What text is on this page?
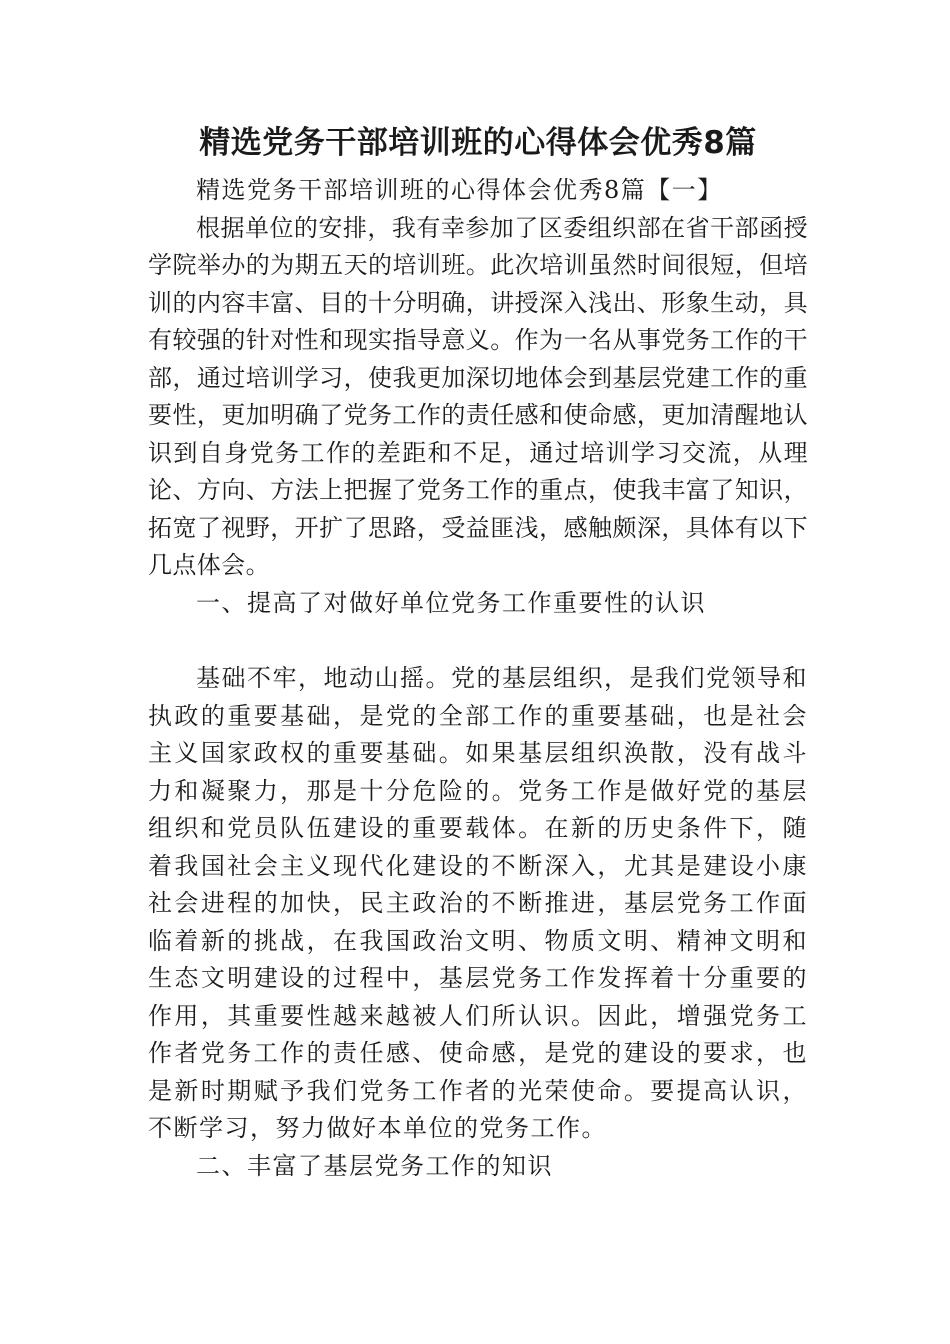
精选党务干部培训班的心得体会优秀8篇

精选党务干部培训班的心得体会优秀8篇【一】

根据单位的安排，我有幸参加了区委组织部在省干部函授学院举办的为期五天的培训班。此次培训虽然时间很短，但培训的内容丰富、目的十分明确，讲授深入浅出、形象生动，具有较强的针对性和现实指导意义。作为一名从事党务工作的干部，通过培训学习，使我更加深切地体会到基层党建工作的重要性，更加明确了党务工作的责任感和使命感，更加清醒地认识到自身党务工作的差距和不足，通过培训学习交流，从理论、方向、方法上把握了党务工作的重点，使我丰富了知识，拓宽了视野，开扩了思路，受益匪浅，感触颇深，具体有以下几点体会。

一、提高了对做好单位党务工作重要性的认识

基础不牢，地动山摇。党的基层组织，是我们党领导和执政的重要基础，是党的全部工作的重要基础，也是社会主义国家政权的重要基础。如果基层组织涣散，没有战斗力和凝聚力，那是十分危险的。党务工作是做好党的基层组织和党员队伍建设的重要载体。在新的历史条件下，随着我国社会主义现代化建设的不断深入，尤其是建设小康社会进程的加快，民主政治的不断推进，基层党务工作面临着新的挑战，在我国政治文明、物质文明、精神文明和生态文明建设的过程中，基层党务工作发挥着十分重要的作用，其重要性越来越被人们所认识。因此，增强党务工作者党务工作的责任感、使命感，是党的建设的要求，也是新时期赋予我们党务工作者的光荣使命。要提高认识，不断学习，努力做好本单位的党务工作。

二、丰富了基层党务工作的知识
